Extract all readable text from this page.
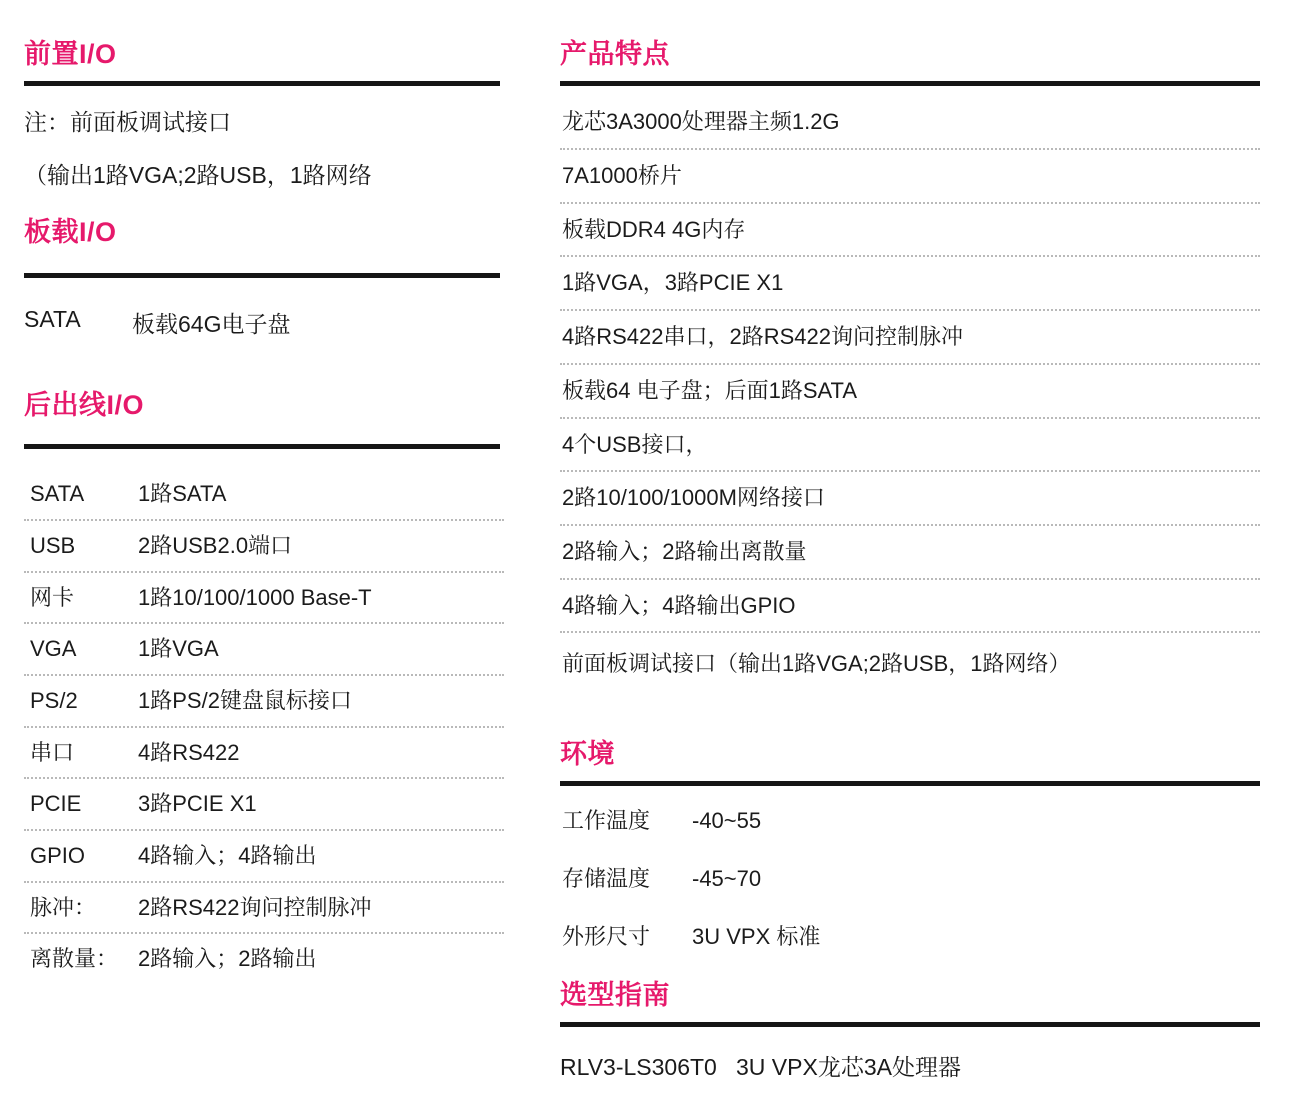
前置I/O
注：前面板调试接口
（输出1路VGA;2路USB，1路网络
板载I/O
SATA	板载64G电子盘
后出线I/O
SATA	1路SATA
USB	2路USB2.0端口
网卡	1路10/100/1000 Base-T
VGA	1路VGA
PS/2	1路PS/2键盘鼠标接口
串口	4路RS422
PCIE	3路PCIE X1
GPIO	4路输入；4路输出
脉冲：	2路RS422询问控制脉冲
离散量： 2路输入；2路输出
产品特点
龙芯3A3000处理器主频1.2G
7A1000桥片
板载DDR4 4G内存
1路VGA，3路PCIE X1
4路RS422串口，2路RS422询问控制脉冲
板载64 电子盘；后面1路SATA
4个USB接口，
2路10/100/1000M网络接口
2路输入；2路输出离散量
4路输入；4路输出GPIO
前面板调试接口（输出1路VGA;2路USB，1路网络）
环境
工作温度	-40~55
存储温度	-45~70
外形尺寸	3U VPX 标准
选型指南
RLV3-LS306T0   3U VPX龙芯3A处理器
